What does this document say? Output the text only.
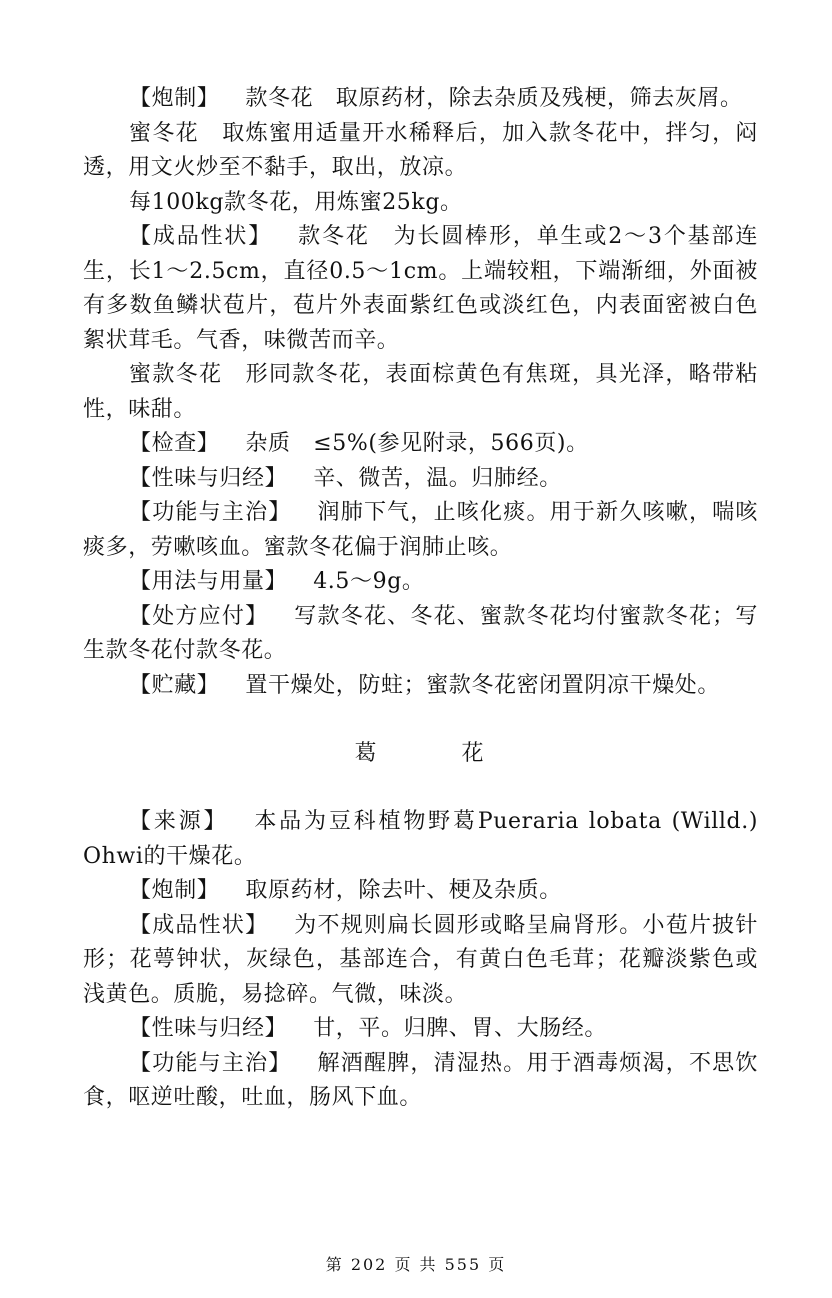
【炮制】 款冬花　取原药材，除去杂质及残梗，筛去灰屑。

蜜冬花　取炼蜜用适量开水稀释后，加入款冬花中，拌匀，闷透，用文火炒至不黏手，取出，放凉。

每100kg款冬花，用炼蜜25kg。

【成品性状】 款冬花　为长圆棒形，单生或2～3个基部连生，长1～2.5cm，直径0.5～1cm。上端较粗，下端渐细，外面被有多数鱼鳞状苞片，苞片外表面紫红色或淡红色，内表面密被白色絮状茸毛。气香，味微苦而辛。

蜜款冬花　形同款冬花，表面棕黄色有焦斑，具光泽，略带粘性，味甜。

【检查】 杂质　≤5%(参见附录，566页)。

【性味与归经】 辛、微苦，温。归肺经。

【功能与主治】 润肺下气，止咳化痰。用于新久咳嗽，喘咳痰多，劳嗽咳血。蜜款冬花偏于润肺止咳。

【用法与用量】 4.5～9g。

【处方应付】 写款冬花、冬花、蜜款冬花均付蜜款冬花；写生款冬花付款冬花。

【贮藏】 置干燥处，防蛀；蜜款冬花密闭置阴凉干燥处。

葛	花

【来源】 本品为豆科植物野葛Pueraria lobata (Willd.) Ohwi的干燥花。

【炮制】 取原药材，除去叶、梗及杂质。

【成品性状】 为不规则扁长圆形或略呈扁肾形。小苞片披针形；花萼钟状，灰绿色，基部连合，有黄白色毛茸；花瓣淡紫色或浅黄色。质脆，易捻碎。气微，味淡。

【性味与归经】 甘，平。归脾、胃、大肠经。

【功能与主治】 解酒醒脾，清湿热。用于酒毒烦渴，不思饮食，呕逆吐酸，吐血，肠风下血。

第 202 页 共 555 页
